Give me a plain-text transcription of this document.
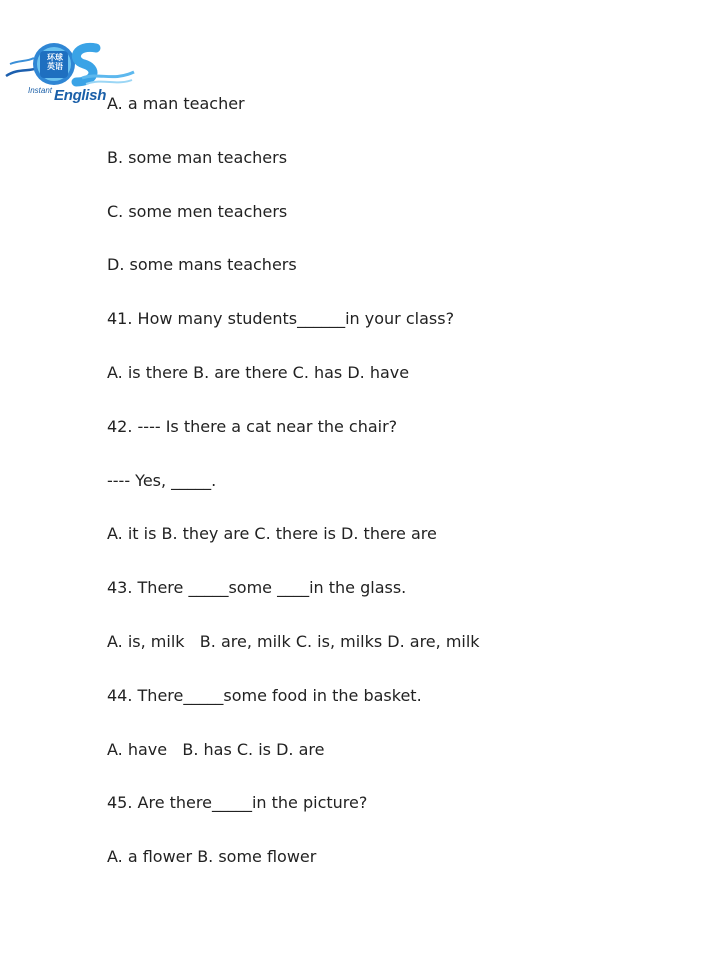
环球
英语
Instant English A. a man teacher
B. some man teachers
C. some men teachers
D. some mans teachers
41. How many students______in your class?
A. is there B. are there C. has D. have
42. ---- Is there a cat near the chair?
---- Yes, _____.
A. it is B. they are C. there is D. there are
43. There _____some ____in the glass.
A. is, milk   B. are, milk C. is, milks D. are, milk
44. There_____some food in the basket.
A. have   B. has C. is D. are
45. Are there_____in the picture?
A. a flower B. some flower
